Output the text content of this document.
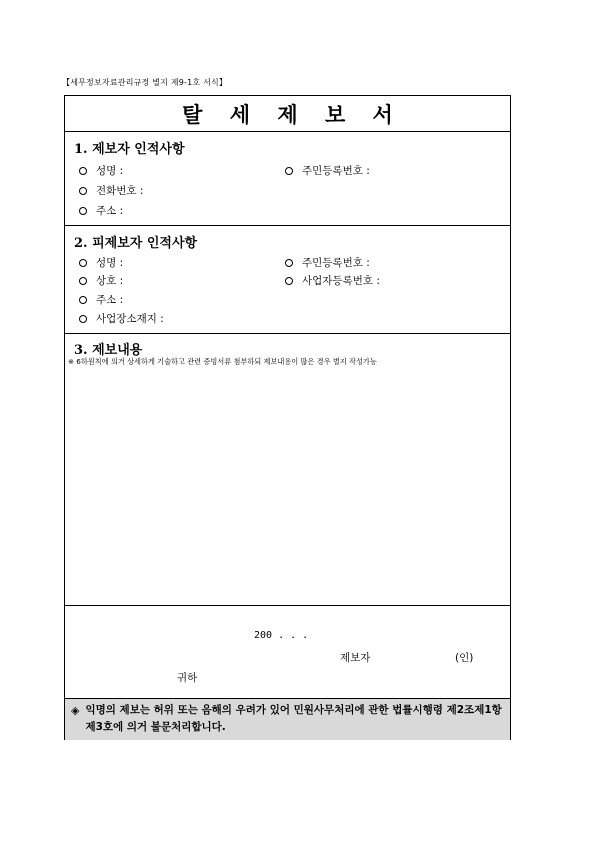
【세무정보자료관리규정 별지 제9-1호 서식】
탈 세 제 보 서
1. 제보자 인적사항
성명 :	주민등록번호 :
전화번호 :
주소 :
2. 피제보자 인적사항
성명 :	주민등록번호 :
상호 :	사업자등록번호 :
주소 :
사업장소재지 :
3. 제보내용
※ 6하원칙에 의거 상세하게 기술하고 관련 증빙서류 첨부하되 제보내용이 많은 경우 별지 작성가능
200 . . .
제보자	(인)
귀하
◈ 익명의 제보는 허위 또는 음해의 우려가 있어 민원사무처리에 관한 법률시행령 제2조제1항제3호에 의거 불문처리합니다.
